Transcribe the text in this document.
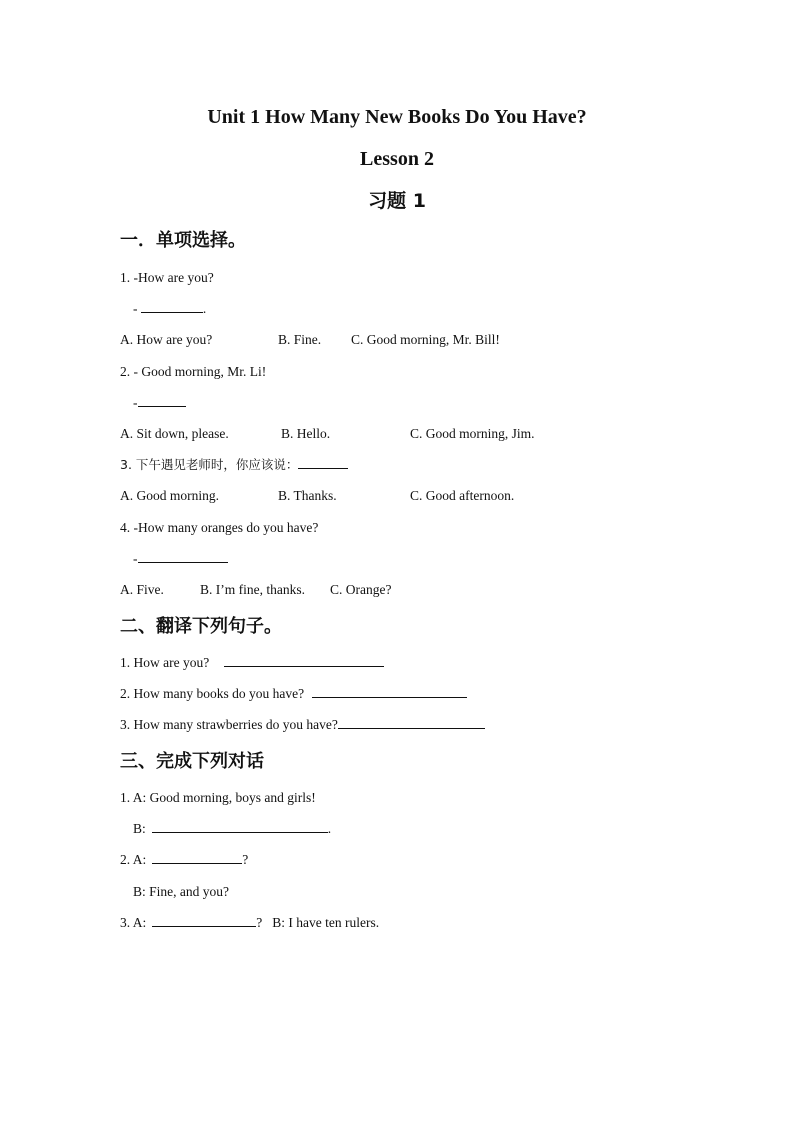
Unit 1 How Many New Books Do You Have?
Lesson 2
习题 1
一．单项选择。
1. -How are you?
-	.
A. How are you?	B. Fine. C. Good morning, Mr. Bill!
2. - Good morning, Mr. Li!
-
A. Sit down, please.	B. Hello.	C. Good morning, Jim.
3. 下午遇见老师时，你应该说：
A. Good morning.	B. Thanks.	C. Good afternoon.
4. -How many oranges do you have?
-
A. Five.	B. I’m fine, thanks. C. Orange?
二、翻译下列句子。
1. How are you?
2. How many books do you have?
3. How many strawberries do you have?
三、完成下列对话
1. A: Good morning, boys and girls!
B:	.
2. A:	?
B: Fine, and you?
3. A:	? B: I have ten rulers.
